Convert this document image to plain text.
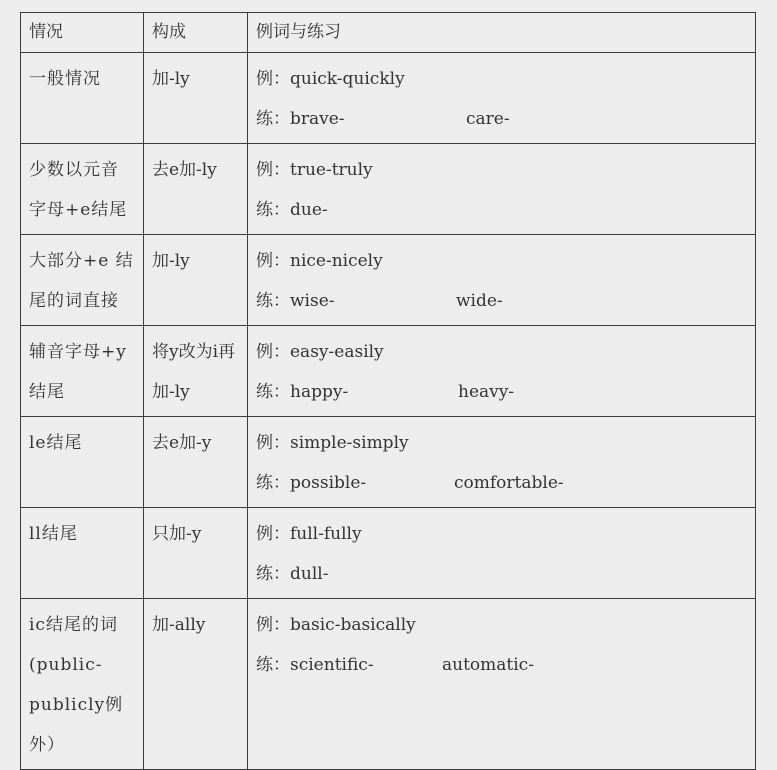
情况	构成	例词与练习

一般情况	加-ly	例：quick-quickly
练：brave- care-

少数以元音字母+e结尾	去e加-ly	例：true-truly
练：due-

大部分+e 结尾的词直接	加-ly	例：nice-nicely
练：wise- wide-

辅音字母+y结尾	将y改为i再加-ly	例：easy-easily
练：happy- heavy-

le结尾	去e加-y	例：simple-simply
练：possible- comfortable-

ll结尾	只加-y	例：full-fully
练：dull-

ic结尾的词(public-publicly例外）	加-ally	例：basic-basically
练：scientific- automatic-
